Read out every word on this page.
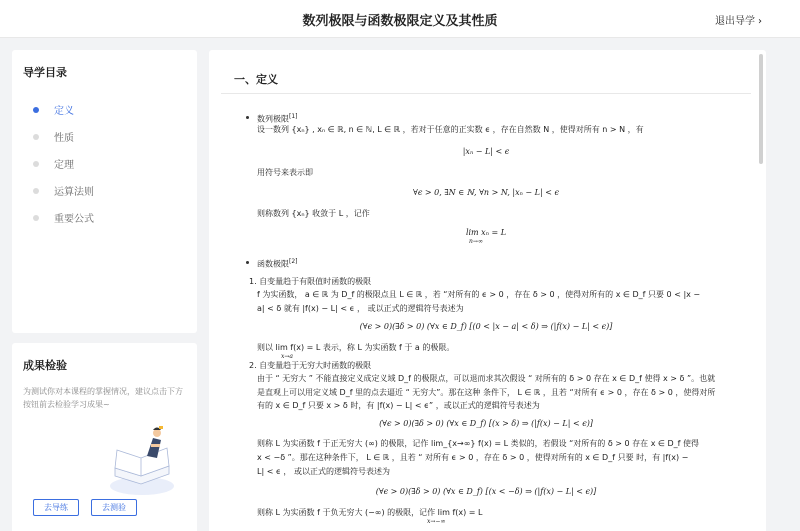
数列极限与函数极限定义及其性质	退出导学 ›
导学目录
定义
性质
定理
运算法则
重要公式
成果检验

为测试你对本课程的掌握情况，建议点击下方
按钮前去检验学习成果~

去导练	去测验
一、定义
数列极限[1]
设一数列 {xₙ} , xₙ ∈ ℝ, n ∈ ℕ, L ∈ ℝ ，若对于任意的正实数 ϵ ，存在自然数 N ，使得对所有 n > N ，有
|xₙ − L| < ϵ
用符号来表示即
∀ϵ > 0, ∃N ∈ ℕ, ∀n > N, |xₙ − L| < ϵ
则称数列 {xₙ} 收敛于 L ，记作
lim xₙ = L
n→∞
函数极限[2]
1. 自变量趋于有限值时函数的极限
f 为实函数， a ∈ ℝ 为 D_f 的极限点且 L ∈ ℝ ，若 “对所有的 ϵ > 0 ，存在 δ > 0 ，使得对所有的 x ∈ D_f 只要 0 < |x −
a| < δ 就有 |f(x) − L| < ϵ ， 或以正式的逻辑符号表述为
(∀ϵ > 0)(∃δ > 0) (∀x ∈ D_f) [(0 < |x − a| < δ) ⇒ (|f(x) − L| < ϵ)]
则以 lim f(x) = L 表示，称 L 为实函数 f 于 a 的极限。
x→a
2. 自变量趋于无穷大时函数的极限
由于 “ 无穷大 ” 不能直接定义成定义域 D_f 的极限点，可以退而求其次假设 “ 对所有的 δ > 0 存在 x ∈ D_f 使得 x > δ ”。也就
是直观上可以用定义域 D_f 里的点去逼近 “ 无穷大”。那在这种 条件下， L ∈ ℝ ，且若 “对所有 ϵ > 0 ，存在 δ > 0 ，使得对所
有的 x ∈ D_f 只要 x > δ 时，有 |f(x) − L| < ϵ” ，或以正式的逻辑符号表述为
(∀ϵ > 0)(∃δ > 0) (∀x ∈ D_f) [(x > δ) ⇒ (|f(x) − L| < ϵ)]
则称 L 为实函数 f 于正无穷大 (∞) 的极限，记作 lim_{x→∞} f(x) = L 类似的，若假设 “对所有的 δ > 0 存在 x ∈ D_f 使得
x < −δ ”。那在这种条件下， L ∈ ℝ ，且若 “ 对所有 ϵ > 0 ，存在 δ > 0 ，使得对所有的 x ∈ D_f 只要 时，有 |f(x) −
L| < ϵ ， 或以正式的逻辑符号表述为
(∀ϵ > 0)(∃δ > 0) (∀x ∈ D_f) [(x < −δ) ⇒ (|f(x) − L| < ϵ)]
则称 L 为实函数 f 于负无穷大 (−∞) 的极限，记作 lim f(x) = L
x→−∞
